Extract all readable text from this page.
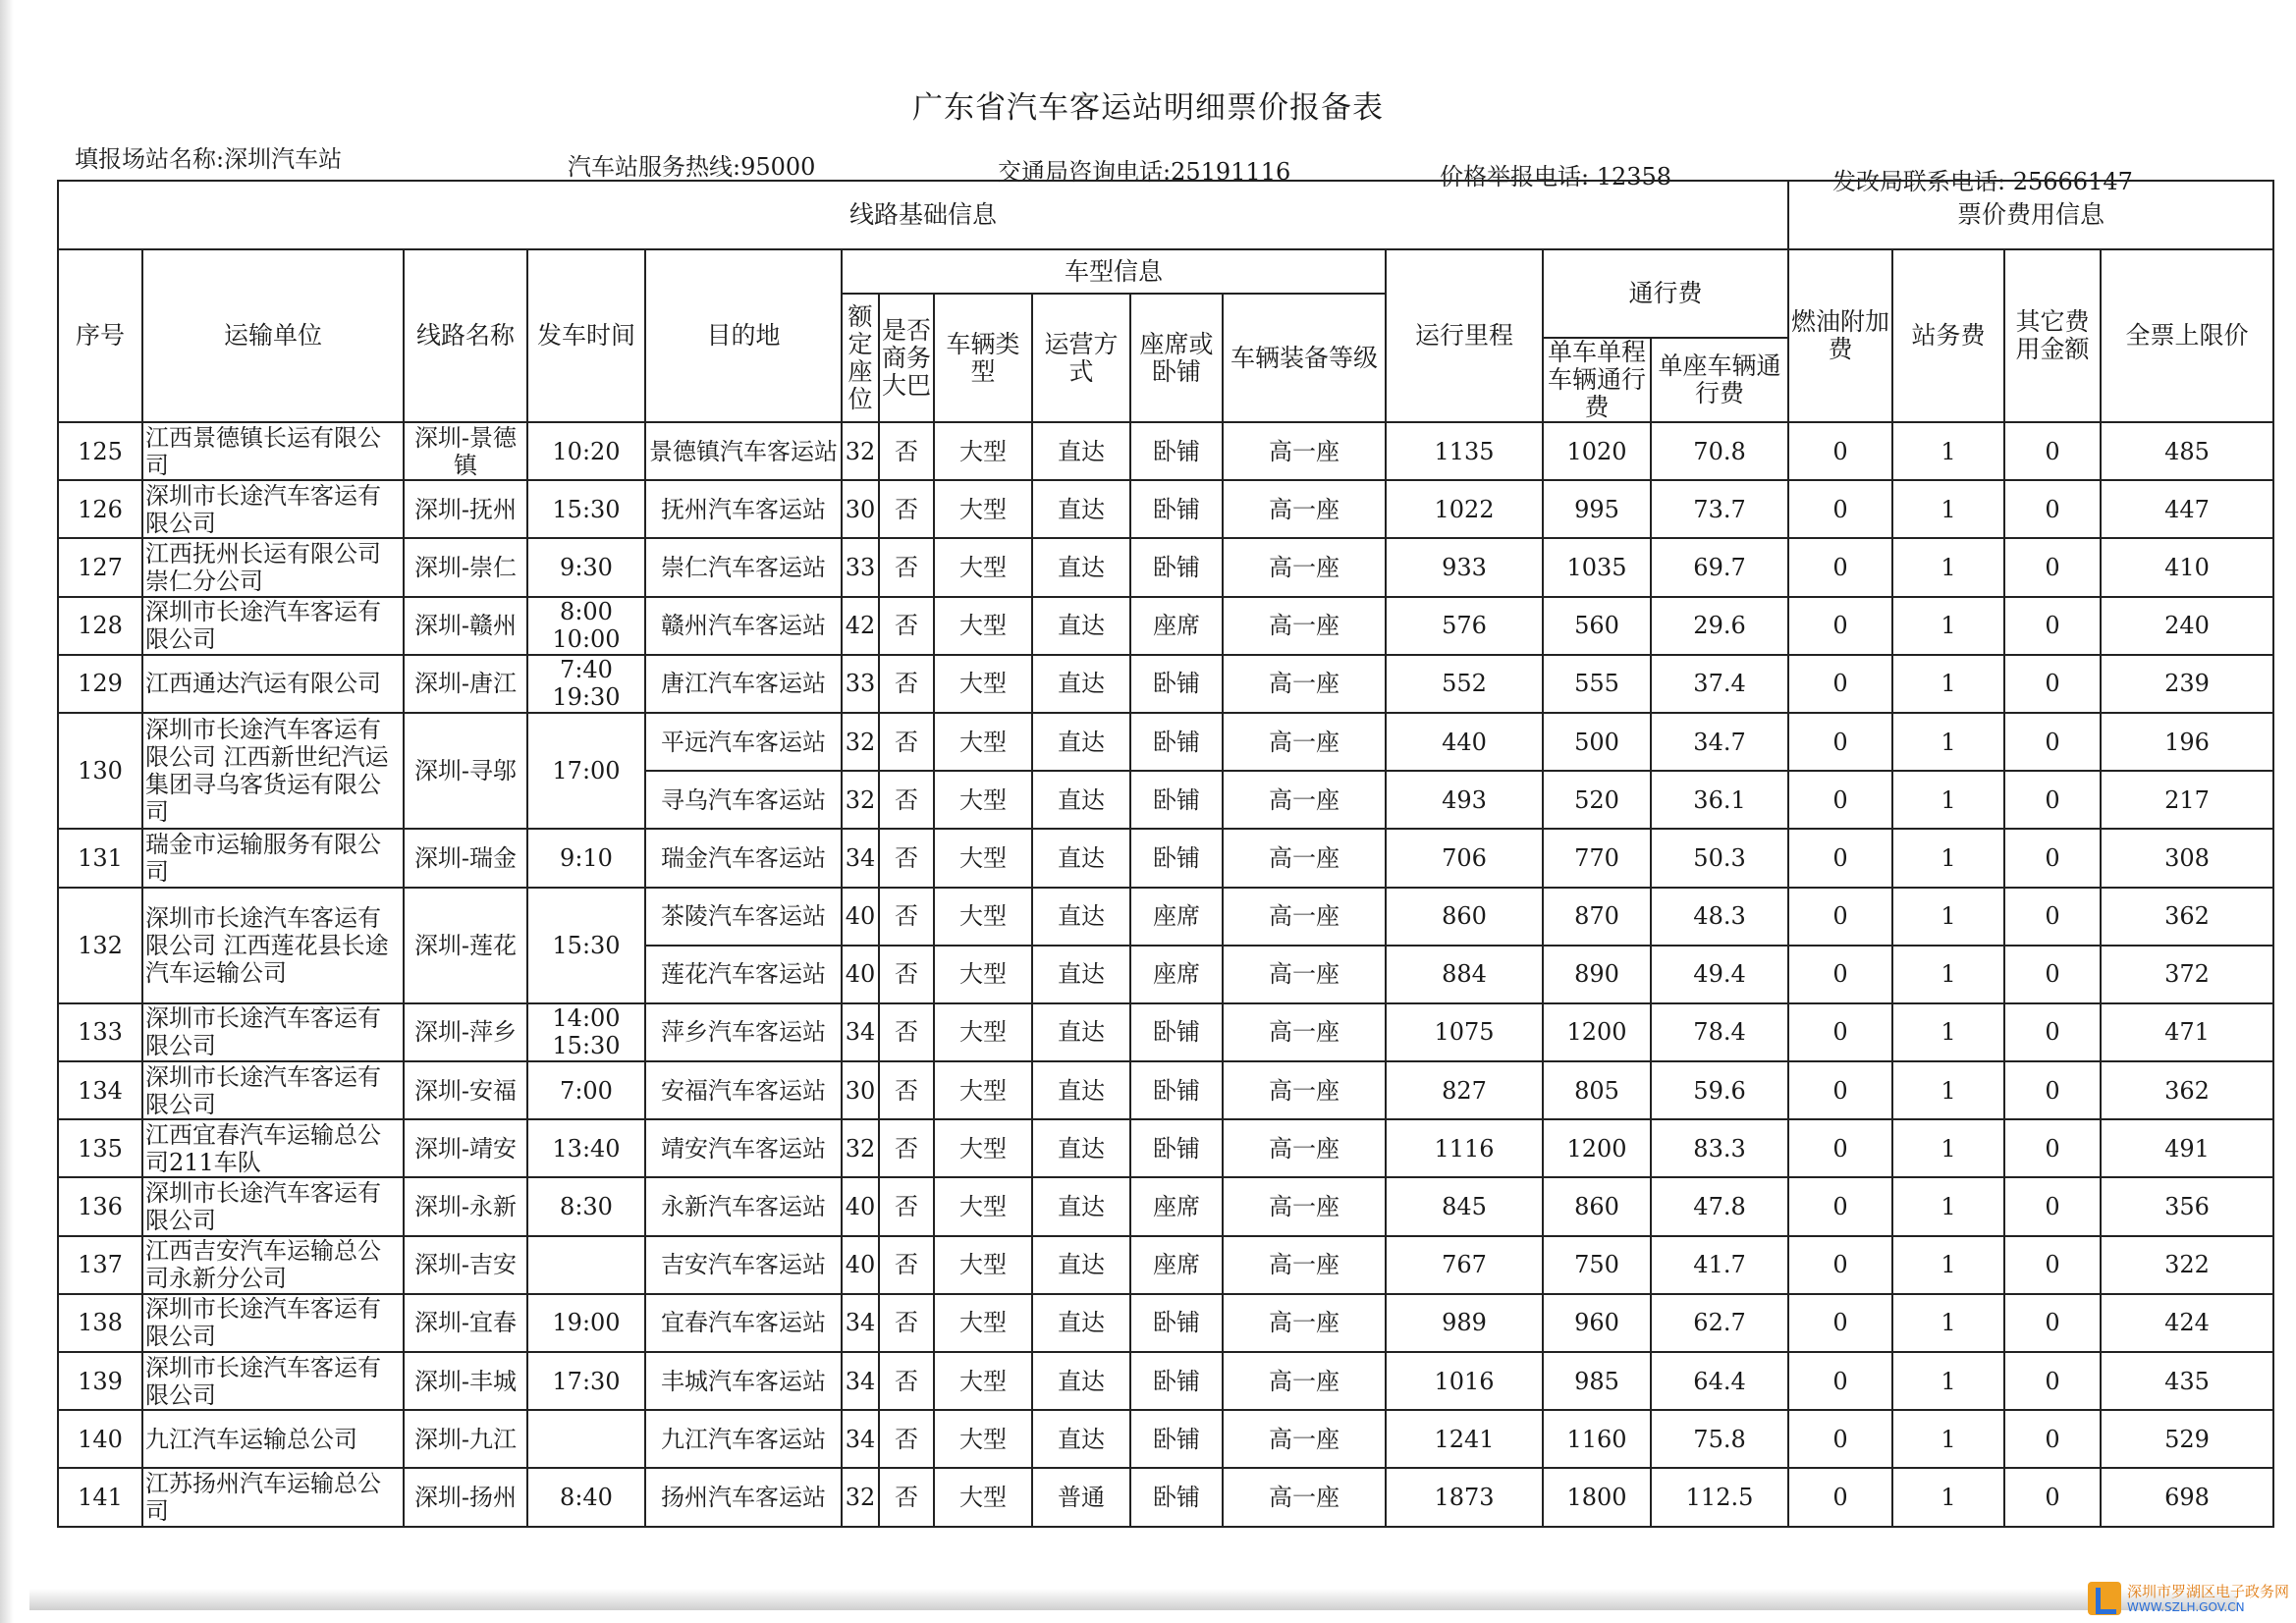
广东省汽车客运站明细票价报备表
填报场站名称:深圳汽车站	汽车站服务热线:95000	交通局咨询电话:25191116	价格举报电话: 12358	发改局联系电话: 25666147
线路基础信息														票价费用信息			
序号	运输单位	线路名称	发车时间	目的地	车型信息						运行里程	通行费		燃油附加费	站务费	其它费用金额	全票上限价
					额定座位	是否商务大巴	车辆类型	运营方式	座席或卧铺	车辆装备等级							
												单车单程车辆通行费	单座车辆通行费				
125	江西景德镇长运有限公司	深圳-景德镇	10:20	景德镇汽车客运站	32	否	大型	直达	卧铺	高一座	1135	1020	70.8	0	1	0	485
126	深圳市长途汽车客运有限公司	深圳-抚州	15:30	抚州汽车客运站	30	否	大型	直达	卧铺	高一座	1022	995	73.7	0	1	0	447
127	江西抚州长运有限公司崇仁分公司	深圳-崇仁	9:30	崇仁汽车客运站	33	否	大型	直达	卧铺	高一座	933	1035	69.7	0	1	0	410
128	深圳市长途汽车客运有限公司	深圳-赣州	8:00 10:00	赣州汽车客运站	42	否	大型	直达	座席	高一座	576	560	29.6	0	1	0	240
129	江西通达汽运有限公司	深圳-唐江	7:40 19:30	唐江汽车客运站	33	否	大型	直达	卧铺	高一座	552	555	37.4	0	1	0	239
130	深圳市长途汽车客运有限公司 江西新世纪汽运集团寻乌客货运有限公司	深圳-寻邬	17:00	平远汽车客运站	32	否	大型	直达	卧铺	高一座	440	500	34.7	0	1	0	196
				寻乌汽车客运站	32	否	大型	直达	卧铺	高一座	493	520	36.1	0	1	0	217
131	瑞金市运输服务有限公司	深圳-瑞金	9:10	瑞金汽车客运站	34	否	大型	直达	卧铺	高一座	706	770	50.3	0	1	0	308
132	深圳市长途汽车客运有限公司 江西莲花县长途汽车运输公司	深圳-莲花	15:30	茶陵汽车客运站	40	否	大型	直达	座席	高一座	860	870	48.3	0	1	0	362
				莲花汽车客运站	40	否	大型	直达	座席	高一座	884	890	49.4	0	1	0	372
133	深圳市长途汽车客运有限公司	深圳-萍乡	14:00 15:30	萍乡汽车客运站	34	否	大型	直达	卧铺	高一座	1075	1200	78.4	0	1	0	471
134	深圳市长途汽车客运有限公司	深圳-安福	7:00	安福汽车客运站	30	否	大型	直达	卧铺	高一座	827	805	59.6	0	1	0	362
135	江西宜春汽车运输总公司211车队	深圳-靖安	13:40	靖安汽车客运站	32	否	大型	直达	卧铺	高一座	1116	1200	83.3	0	1	0	491
136	深圳市长途汽车客运有限公司	深圳-永新	8:30	永新汽车客运站	40	否	大型	直达	座席	高一座	845	860	47.8	0	1	0	356
137	江西吉安汽车运输总公司永新分公司	深圳-吉安		吉安汽车客运站	40	否	大型	直达	座席	高一座	767	750	41.7	0	1	0	322
138	深圳市长途汽车客运有限公司	深圳-宜春	19:00	宜春汽车客运站	34	否	大型	直达	卧铺	高一座	989	960	62.7	0	1	0	424
139	深圳市长途汽车客运有限公司	深圳-丰城	17:30	丰城汽车客运站	34	否	大型	直达	卧铺	高一座	1016	985	64.4	0	1	0	435
140	九江汽车运输总公司	深圳-九江		九江汽车客运站	34	否	大型	直达	卧铺	高一座	1241	1160	75.8	0	1	0	529
141	江苏扬州汽车运输总公司	深圳-扬州	8:40	扬州汽车客运站	32	否	大型	普通	卧铺	高一座	1873	1800	112.5	0	1	0	698
深圳市罗湖区电子政务网
WWW.SZLH.GOV.CN
